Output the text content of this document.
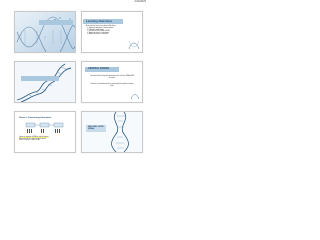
2/14/2023
Learning Outcomes
At the end of the lesson, the students will be able to:
• 1. Explain the importance of protein synthesis
• 2. Define the central dogma
• 3. Describe the parts of DNA and RNA
• 4. Explain the process of transcription
• 5. Explain the process of translation
CENTRAL DOGMA
Describes the flow of genetic information in the cells from DNA to RNA to protein.
Protein is a macromolecule that is produced by the synthesis of amino acids.
Genes in Transferring Information
• Genes are segments of DNA that code for proteins
• A gene contains the code for a specific protein
• Each of the genes is made of DNA
NUCLEIC ACID
(DNA)
